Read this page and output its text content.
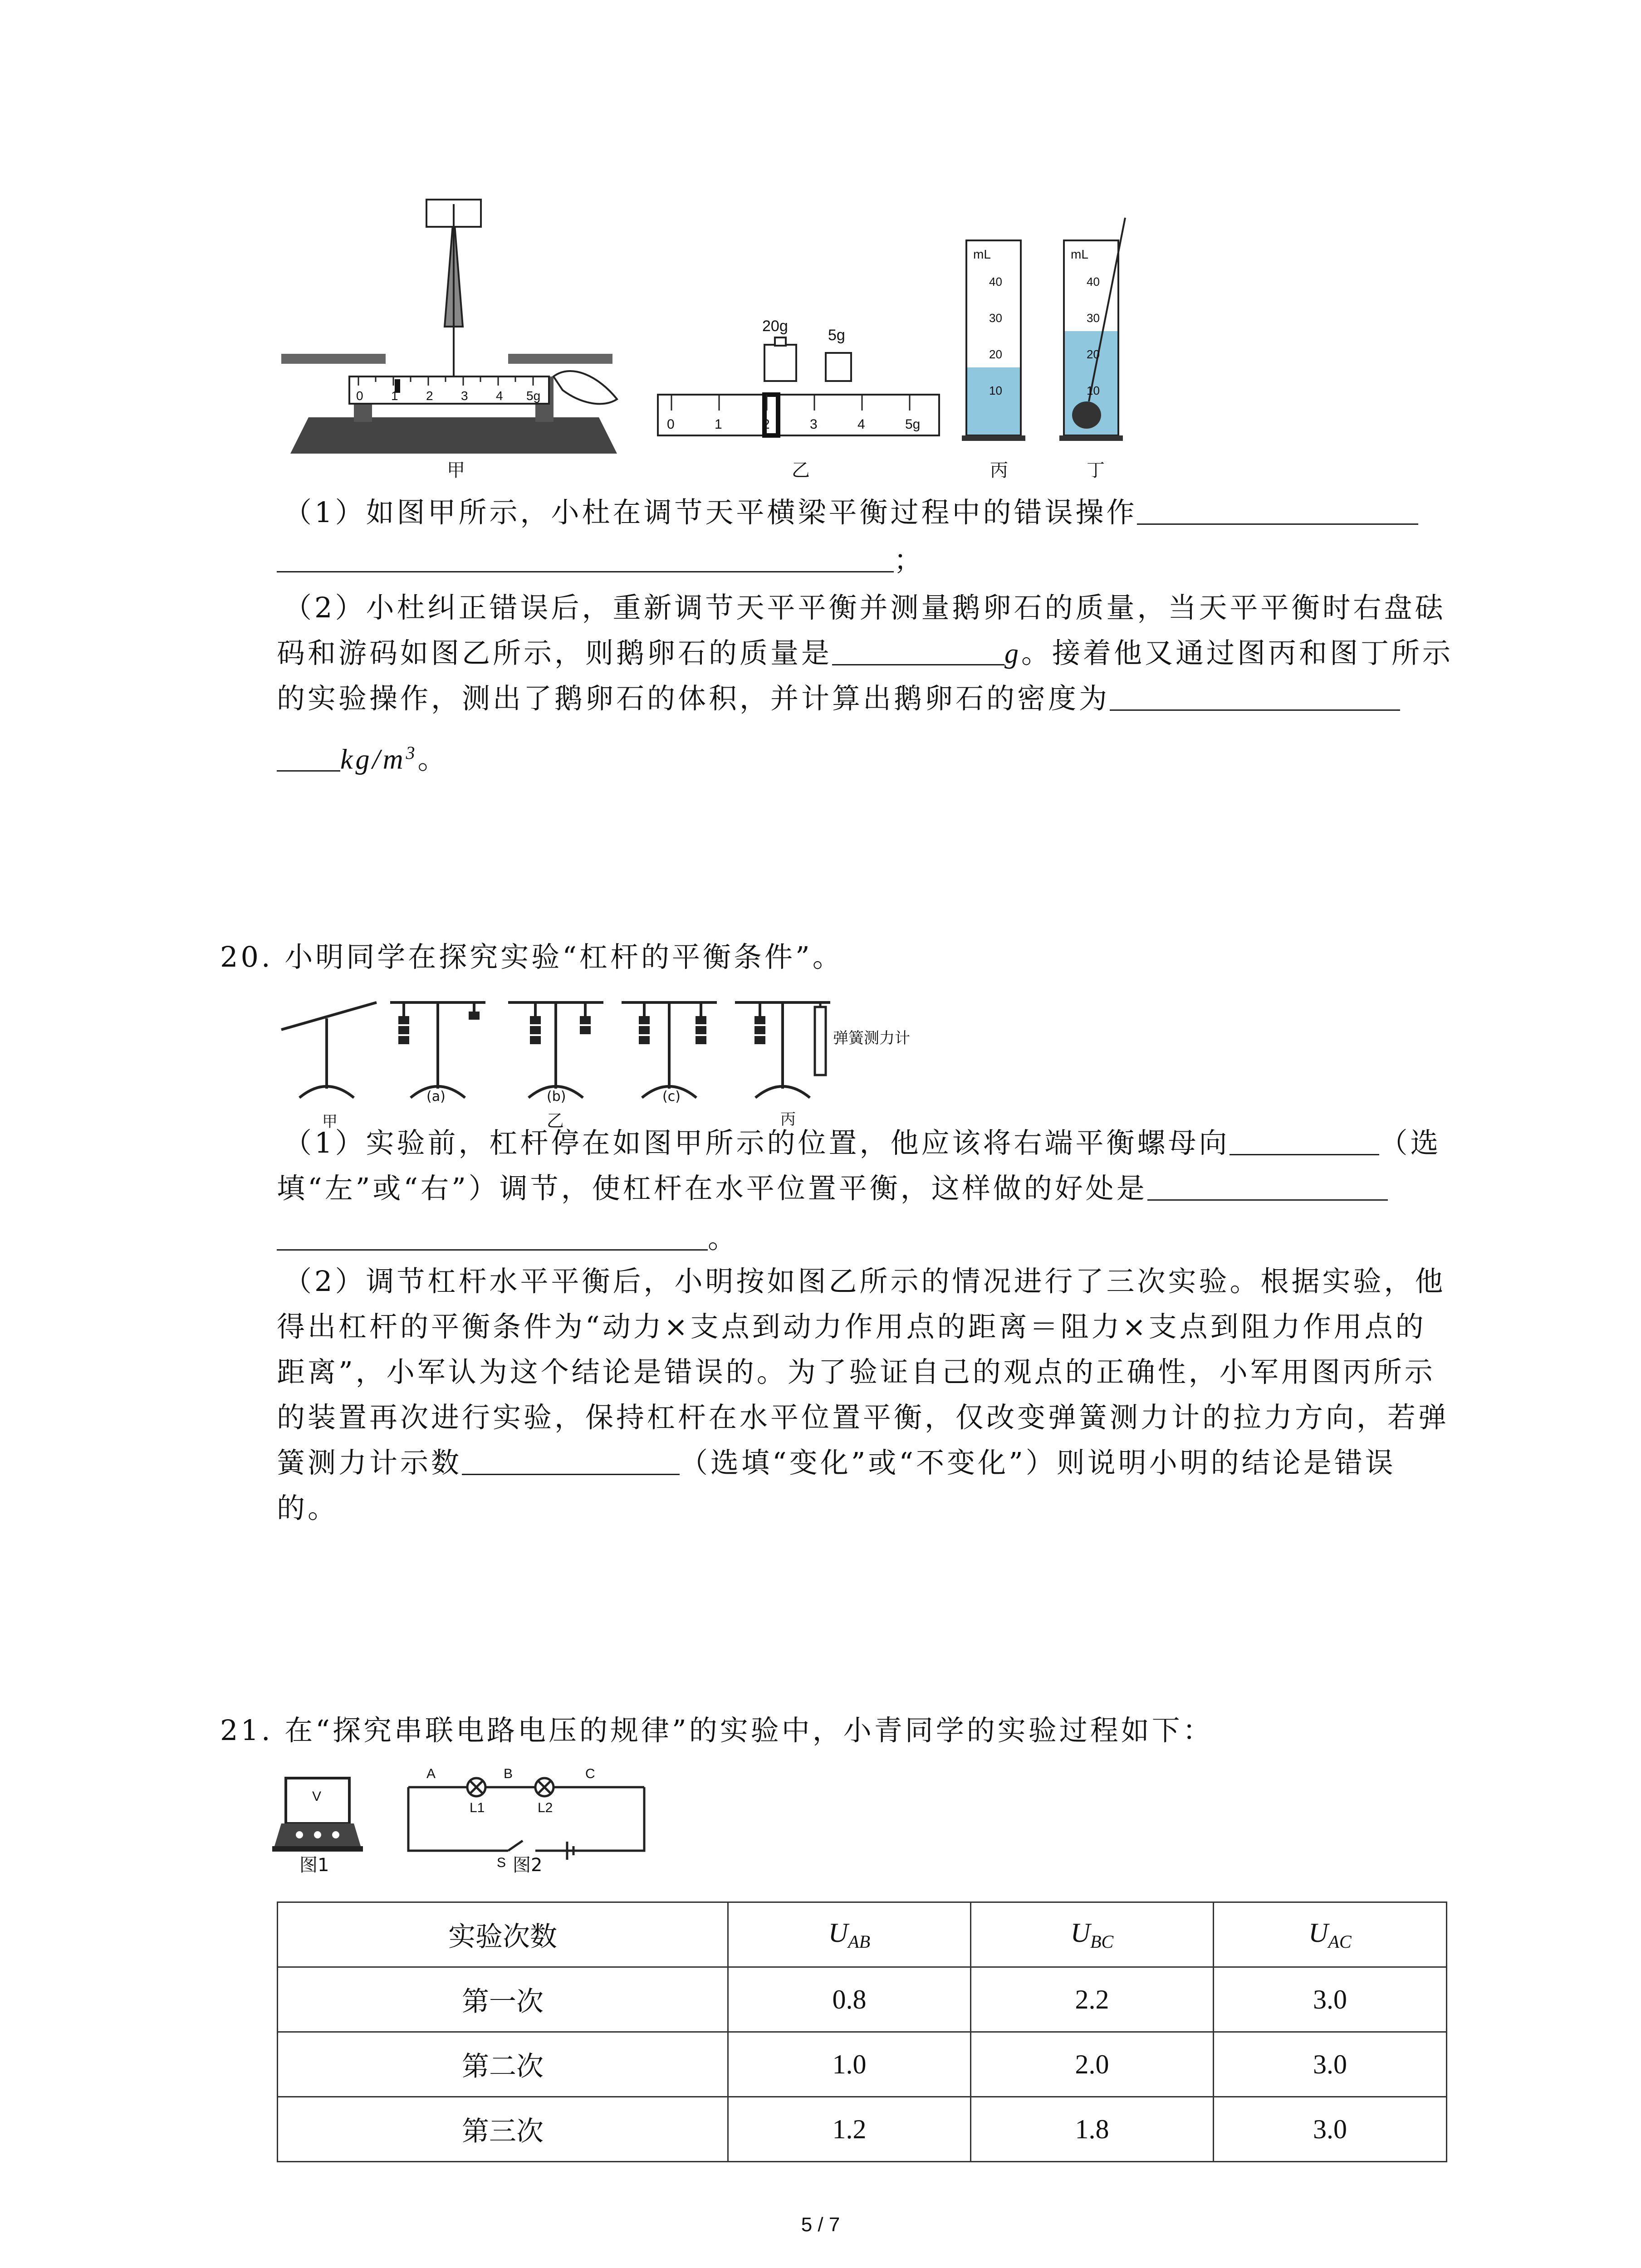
0 1 2 3 4 5g
甲
20g
5g
0	1	2	3	4	5g
乙
mL
40
30
20
10
mL
40
30
20
10
丙	丁
（1）如图甲所示，小杜在调节天平横梁平衡过程中的错误操作
；
（2）小杜纠正错误后，重新调节天平平衡并测量鹅卵石的质量，当天平平衡时右盘砝
码和游码如图乙所示，则鹅卵石的质量是	g。接着他又通过图丙和图丁所示
的实验操作，测出了鹅卵石的体积，并计算出鹅卵石的密度为
$kg/m^3$。
20. 小明同学在探究实验“杠杆的平衡条件”。
弹簧测力计
甲
(a)	(b)
乙
(c)
丙
（1）实验前，杠杆停在如图甲所示的位置，他应该将右端平衡螺母向	（选
填“左”或“右”）调节，使杠杆在水平位置平衡，这样做的好处是
。
（2）调节杠杆水平平衡后，小明按如图乙所示的情况进行了三次实验。根据实验，他
得出杠杆的平衡条件为“动力×支点到动力作用点的距离＝阻力×支点到阻力作用点的
距离”，小军认为这个结论是错误的。为了验证自己的观点的正确性，小军用图丙所示
的装置再次进行实验，保持杠杆在水平位置平衡，仅改变弹簧测力计的拉力方向，若弹
簧测力计示数	（选填“变化”或“不变化”）则说明小明的结论是错误
的。
21. 在“探究串联电路电压的规律”的实验中，小青同学的实验过程如下：
V
图1
A	B	C
L1	L2
S 图2
实验次数	$U_{AB}$	$U_{BC}$	$U_{AC}$
第一次	0.8	2.2	3.0
第二次	1.0	2.0	3.0
第三次	1.2	1.8	3.0
5 / 7
